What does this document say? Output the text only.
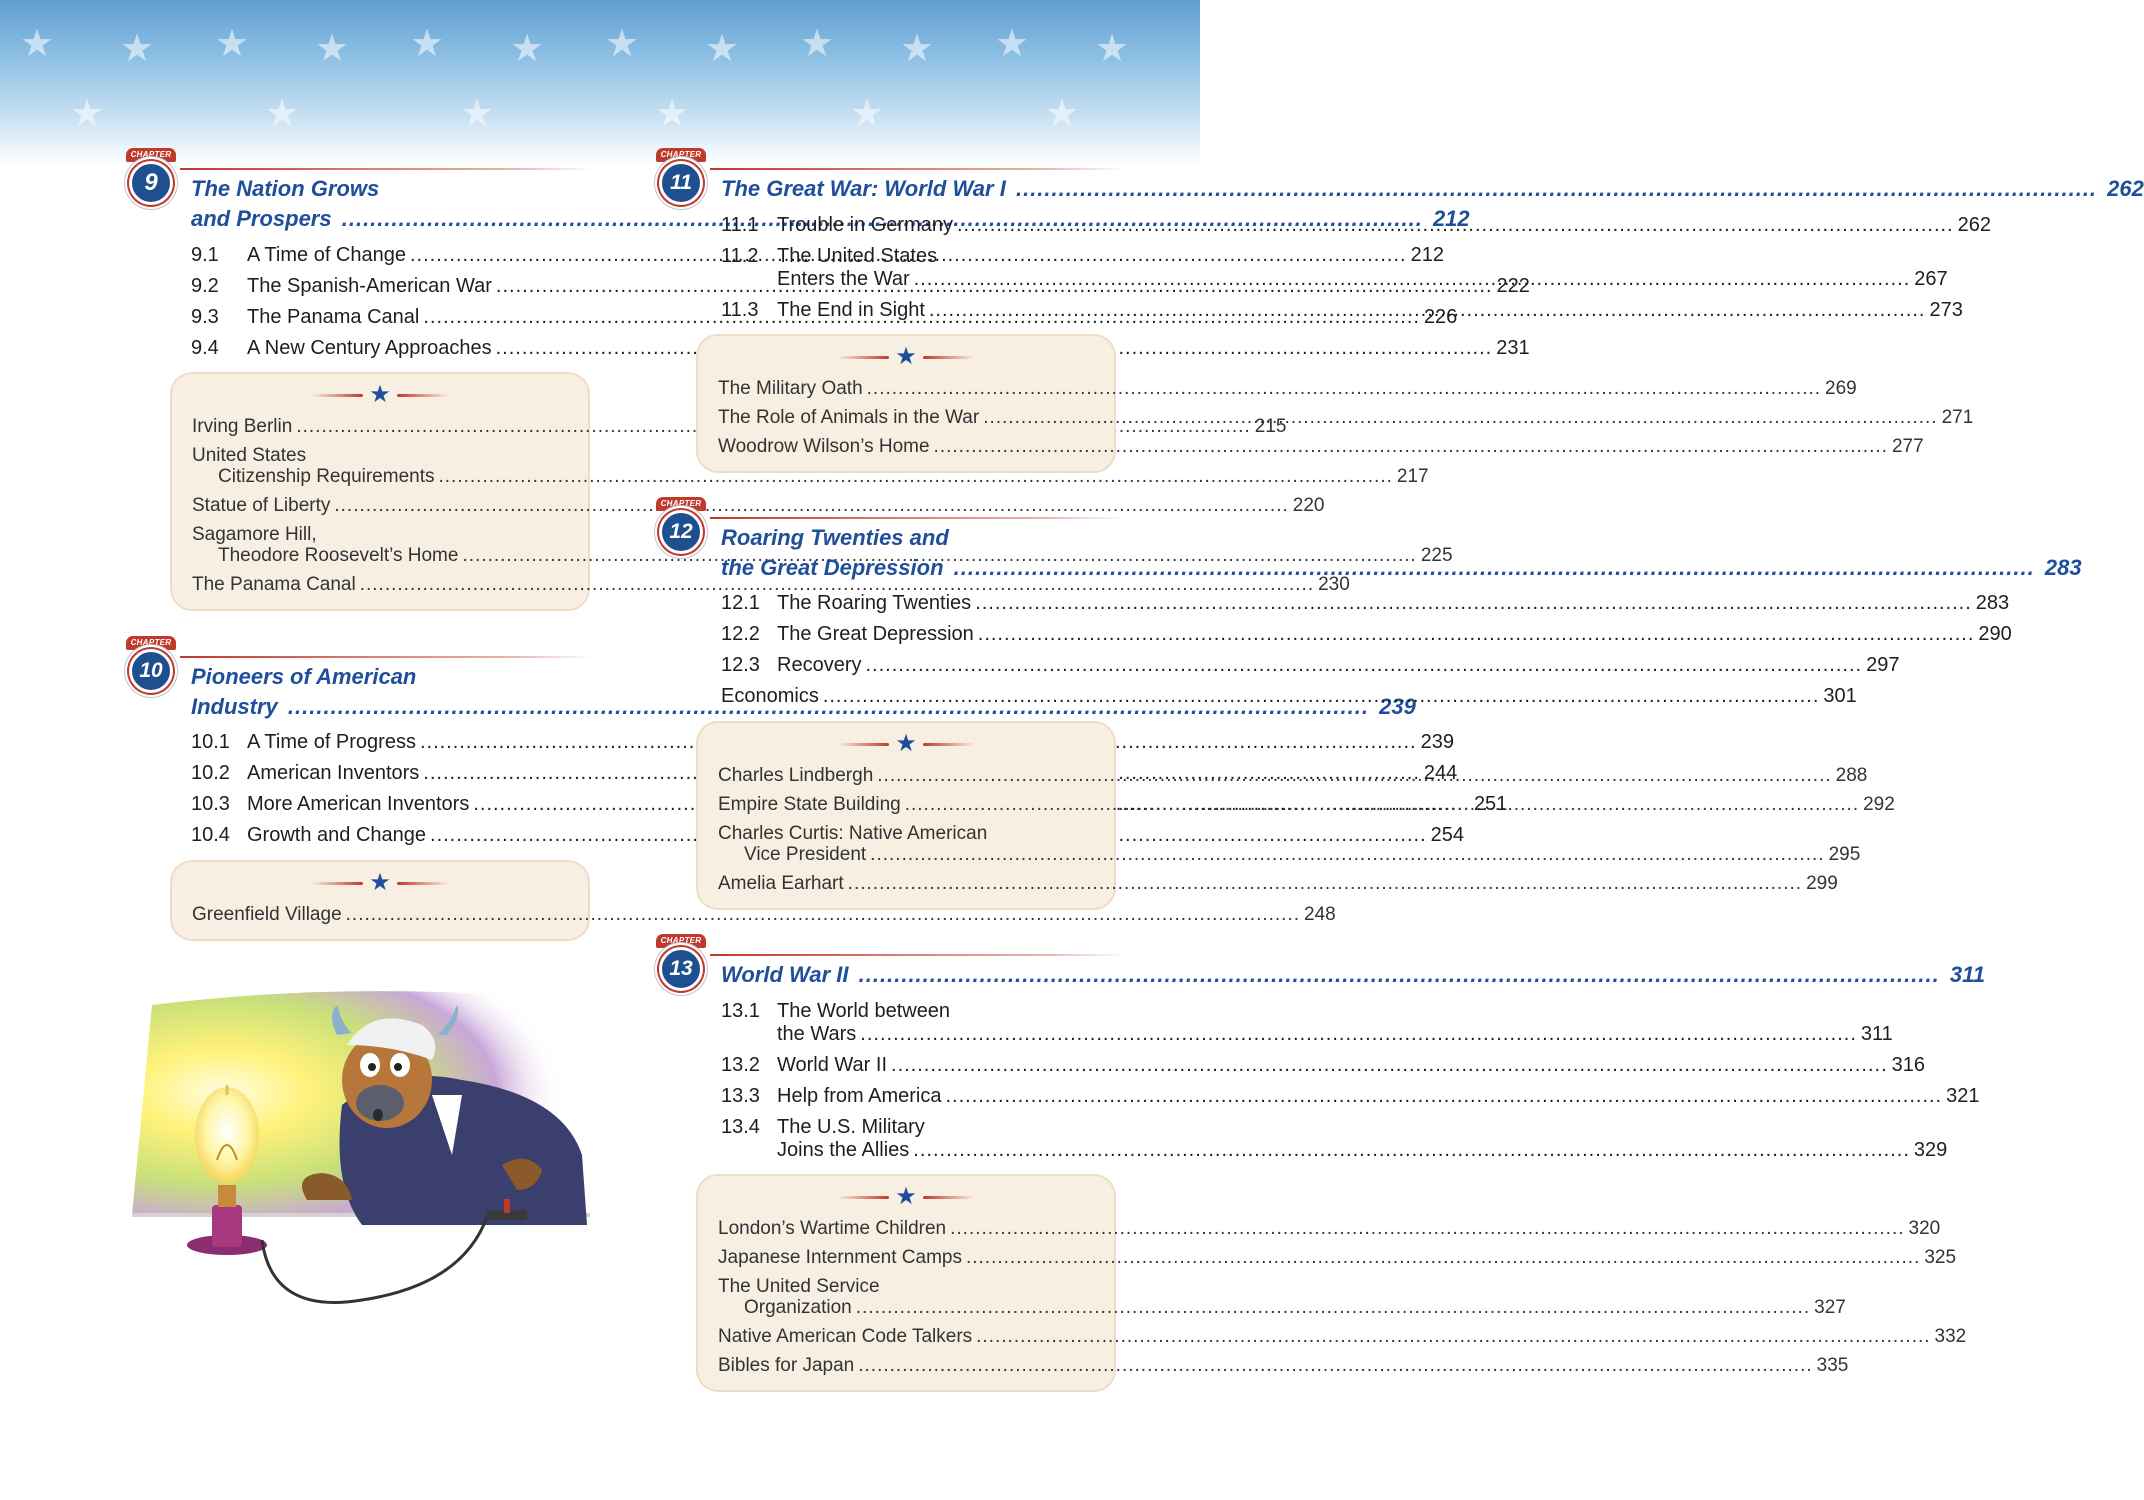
★ ★ ★ ★ ★ ★ ★ ★ ★ ★ ★ ★
★	★	★	★	★	★
CHAPTER
9	The Nation Grows
and Prospers .....	212
9.1	A Time of Change .....	212
9.2	The Spanish-American War .....	222
9.3	The Panama Canal .....	226
9.4	A New Century Approaches .....	231
★
Irving Berlin .....	215
United States
Citizenship Requirements .....	217
Statue of Liberty .....	220
Sagamore Hill,
Theodore Roosevelt’s Home .....	225
The Panama Canal .....	230
CHAPTER
10	Pioneers of American
Industry .....	239
10.1 A Time of Progress .....	239
10.2 American Inventors .....	244
10.3 More American Inventors .....	251
10.4 Growth and Change .....	254
★
Greenfield Village .....	248
CHAPTER
11	The Great War: World War I .....	262
11.1 Trouble in Germany .....	262
11.2 The United States
Enters the War .....	267
11.3 The End in Sight .....	273
★
The Military Oath .....	269
The Role of Animals in the War .....	271
Woodrow Wilson’s Home .....	277
CHAPTER
12	Roaring Twenties and
the Great Depression .....	283
12.1 The Roaring Twenties .....	283
12.2 The Great Depression .....	290
12.3 Recovery .....	297
Economics .....	301
★
Charles Lindbergh .....	288
Empire State Building .....	292
Charles Curtis: Native American
Vice President .....	295
Amelia Earhart .....	299
CHAPTER
13	World War II .....	311
13.1 The World between
the Wars .....	311
13.2 World War II .....	316
13.3 Help from America .....	321
13.4 The U.S. Military
Joins the Allies .....	329
★
London’s Wartime Children .....	320
Japanese Internment Camps .....	325
The United Service
Organization .....	327
Native American Code Talkers .....	332
Bibles for Japan .....	335
